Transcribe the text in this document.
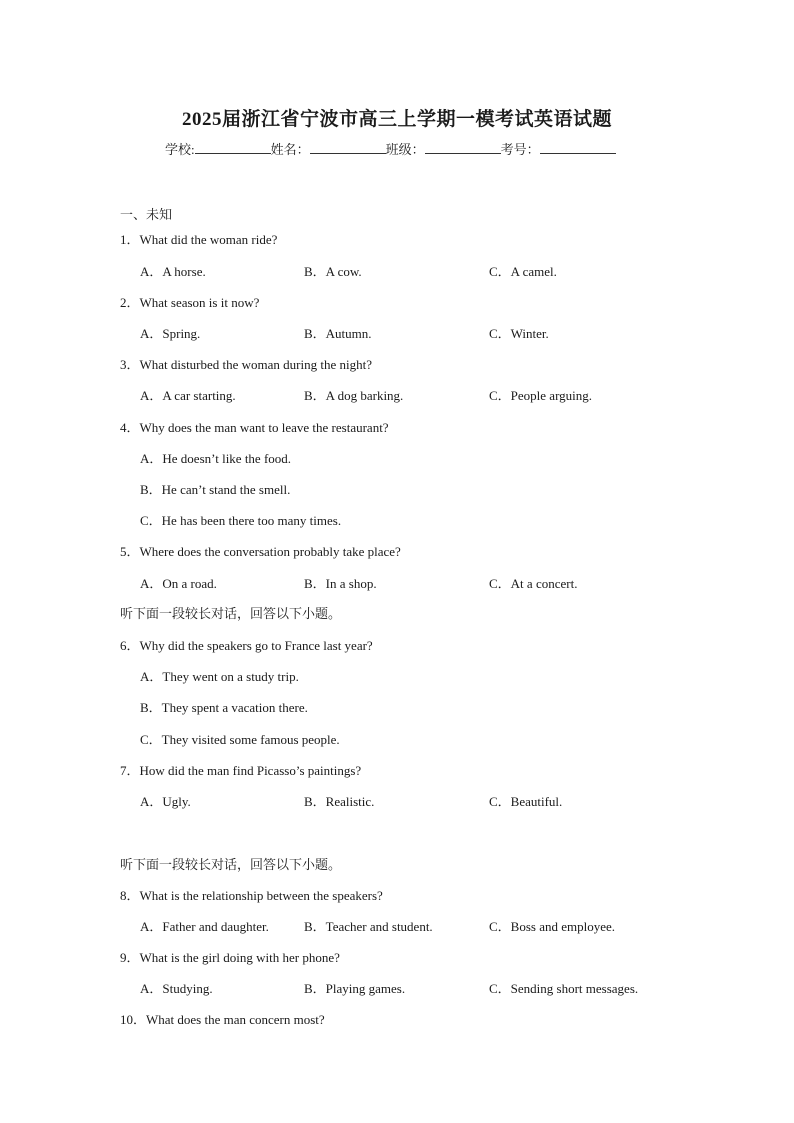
2025届浙江省宁波市高三上学期一模考试英语试题
学校:	姓名：	班级：	考号：
一、未知
1．What did the woman ride?
A．A horse.	B．A cow.	C．A camel.
2．What season is it now?
A．Spring.	B．Autumn.	C．Winter.
3．What disturbed the woman during the night?
A．A car starting.	B．A dog barking.	C．People arguing.
4．Why does the man want to leave the restaurant?
A．He doesn’t like the food.
B．He can’t stand the smell.
C．He has been there too many times.
5．Where does the conversation probably take place?
A．On a road.	B．In a shop.	C．At a concert.
听下面一段较长对话，回答以下小题。
6．Why did the speakers go to France last year?
A．They went on a study trip.
B．They spent a vacation there.
C．They visited some famous people.
7．How did the man find Picasso’s paintings?
A．Ugly.	B．Realistic.	C．Beautiful.
听下面一段较长对话，回答以下小题。
8．What is the relationship between the speakers?
A．Father and daughter.	B．Teacher and student.	C．Boss and employee.
9．What is the girl doing with her phone?
A．Studying.	B．Playing games.	C．Sending short messages.
10．What does the man concern most?
